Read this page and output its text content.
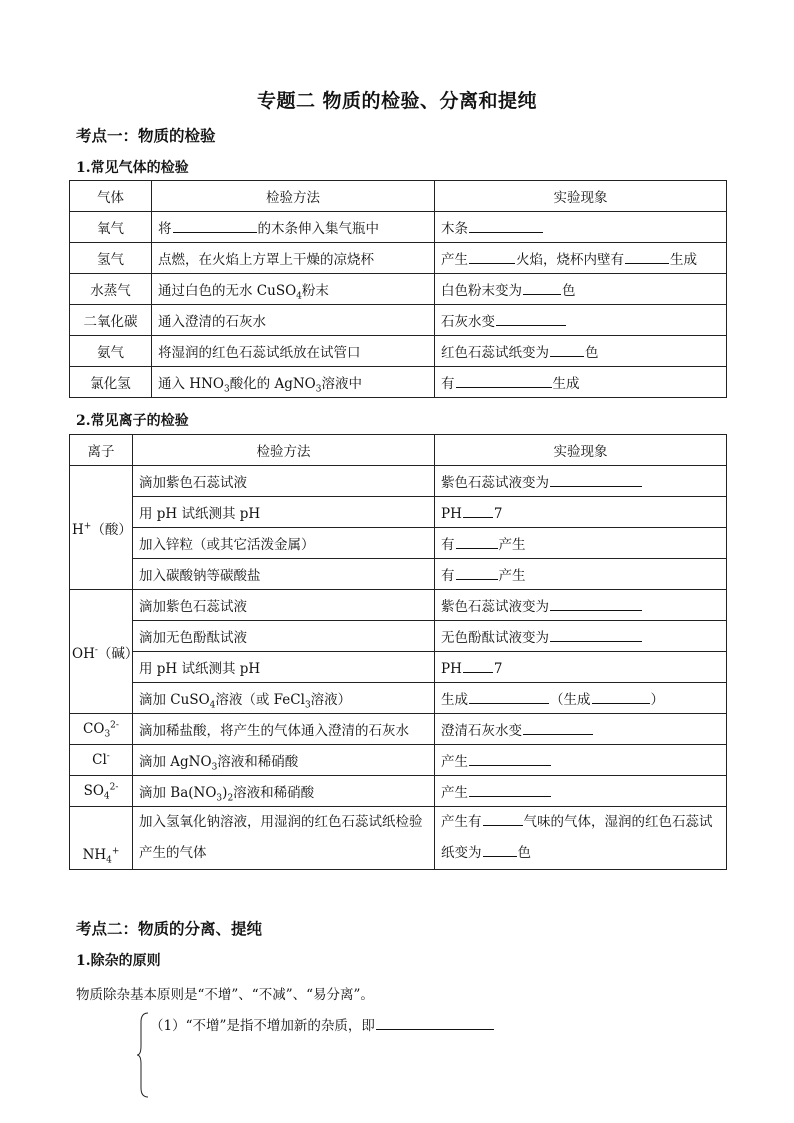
专题二 物质的检验、分离和提纯
考点一：物质的检验
1.常见气体的检验
气体	检验方法	实验现象
氧气	将 的木条伸入集气瓶中	木条
氢气	点燃，在火焰上方罩上干燥的凉烧杯	产生 火焰，烧杯内壁有 生成
水蒸气	通过白色的无水 CuSO$_4$粉末	白色粉末变为 色
二氧化碳	通入澄清的石灰水	石灰水变
氨气	将湿润的红色石蕊试纸放在试管口	红色石蕊试纸变为 色
氯化氢	通入 $HNO_3$酸化的 AgNO$_3$溶液中	有 生成
2.常见离子的检验
离子	检验方法	实验现象
H+（酸）	滴加紫色石蕊试液	紫色石蕊试液变为
	用 pH 试纸测其 pH	PH 7
	加入锌粒（或其它活泼金属）	有 产生
	加入碳酸钠等碳酸盐	有 产生
OH-（碱）	滴加紫色石蕊试液	紫色石蕊试液变为
	滴加无色酚酞试液	无色酚酞试液变为
	用 pH 试纸测其 pH	PH 7
	滴加 CuSO$_4$溶液（或 FeCl$_3$溶液）	生成 （生成 ）
$CO_3^{2-}$	滴加稀盐酸，将产生的气体通入澄清的石灰水	澄清石灰水变
Cl-	滴加 AgNO$_3$溶液和稀硝酸	产生
$SO_4^{2-}$	滴加 $Ba(NO_3)_2$溶液和稀硝酸	产生
$NH_4^+$	加入氢氧化钠溶液，用湿润的红色石蕊试纸检验产生的气体	产生有 气味的气体，湿润的红色石蕊试纸变为 色
考点二：物质的分离、提纯
1.除杂的原则
物质除杂基本原则是“不增”、“不减”、“易分离”。
（1）“不增”是指不增加新的杂质，即
